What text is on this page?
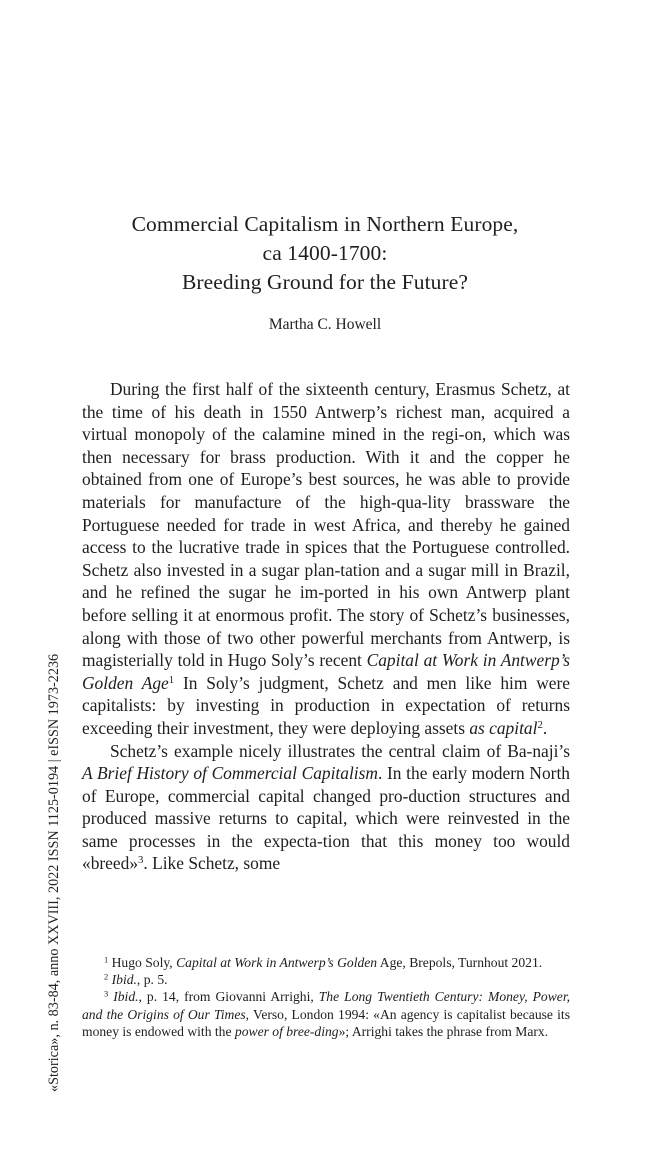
Commercial Capitalism in Northern Europe,
ca 1400-1700:
Breeding Ground for the Future?
Martha C. Howell

During the first half of the sixteenth century, Erasmus Schetz, at the time of his death in 1550 Antwerp’s richest man, acquired a virtual monopoly of the calamine mined in the regi-on, which was then necessary for brass production. With it and the copper he obtained from one of Europe’s best sources, he was able to provide materials for manufacture of the high-qua-lity brassware the Portuguese needed for trade in west Africa, and thereby he gained access to the lucrative trade in spices that the Portuguese controlled. Schetz also invested in a sugar plan-tation and a sugar mill in Brazil, and he refined the sugar he im-ported in his own Antwerp plant before selling it at enormous profit. The story of Schetz’s businesses, along with those of two other powerful merchants from Antwerp, is magisterially told in Hugo Soly’s recent Capital at Work in Antwerp’s Golden Age$^1$ In Soly’s judgment, Schetz and men like him were capitalists: by investing in production in expectation of returns exceeding their investment, they were deploying assets as capital$^2$.

Schetz’s example nicely illustrates the central claim of Ba-naji’s A Brief History of Commercial Capitalism. In the early modern North of Europe, commercial capital changed pro-duction structures and produced massive returns to capital, which were reinvested in the same processes in the expecta-tion that this money too would «breed»$^3$. Like Schetz, some

$^1$ Hugo Soly, Capital at Work in Antwerp’s Golden Age, Brepols, Turnhout 2021.

$^2$ Ibid., p. 5.

$^3$ Ibid., p. 14, from Giovanni Arrighi, The Long Twentieth Century: Money, Power, and the Origins of Our Times, Verso, London 1994: «An agency is capitalist because its money is endowed with the power of bree-ding»; Arrighi takes the phrase from Marx.

«Storica», n. 83-84, anno XXVIII, 2022 ISSN 1125-0194 | eISSN 1973-2236
